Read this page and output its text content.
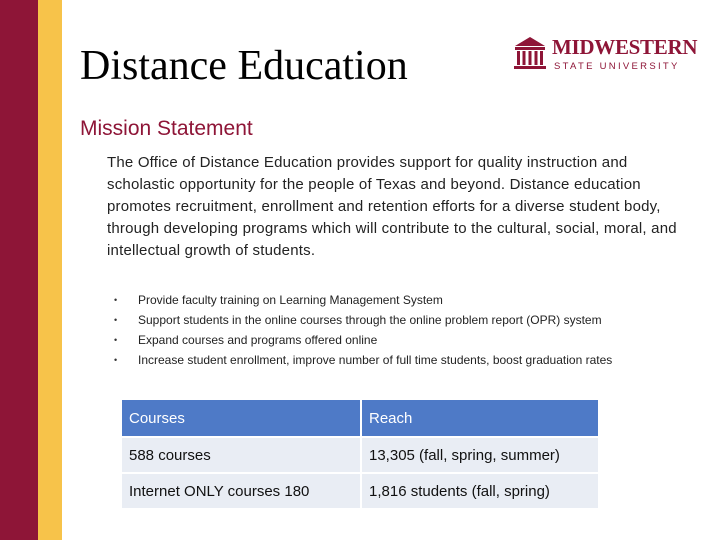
Distance Education	MIDWESTERN
STATE UNIVERSITY
Mission Statement
The Office of Distance Education provides support for quality instruction and scholastic opportunity for the people of Texas and beyond. Distance education promotes recruitment, enrollment and retention efforts for a diverse student body, through developing programs which will contribute to the cultural, social, moral, and intellectual growth of students.
• Provide faculty training on Learning Management System
• Support students in the online courses through the online problem report (OPR) system
• Expand courses and programs offered online
• Increase student enrollment, improve number of full time students, boost graduation rates
Courses	Reach
588 courses	13,305 (fall, spring, summer)
Internet ONLY courses 180	1,816 students (fall, spring)
